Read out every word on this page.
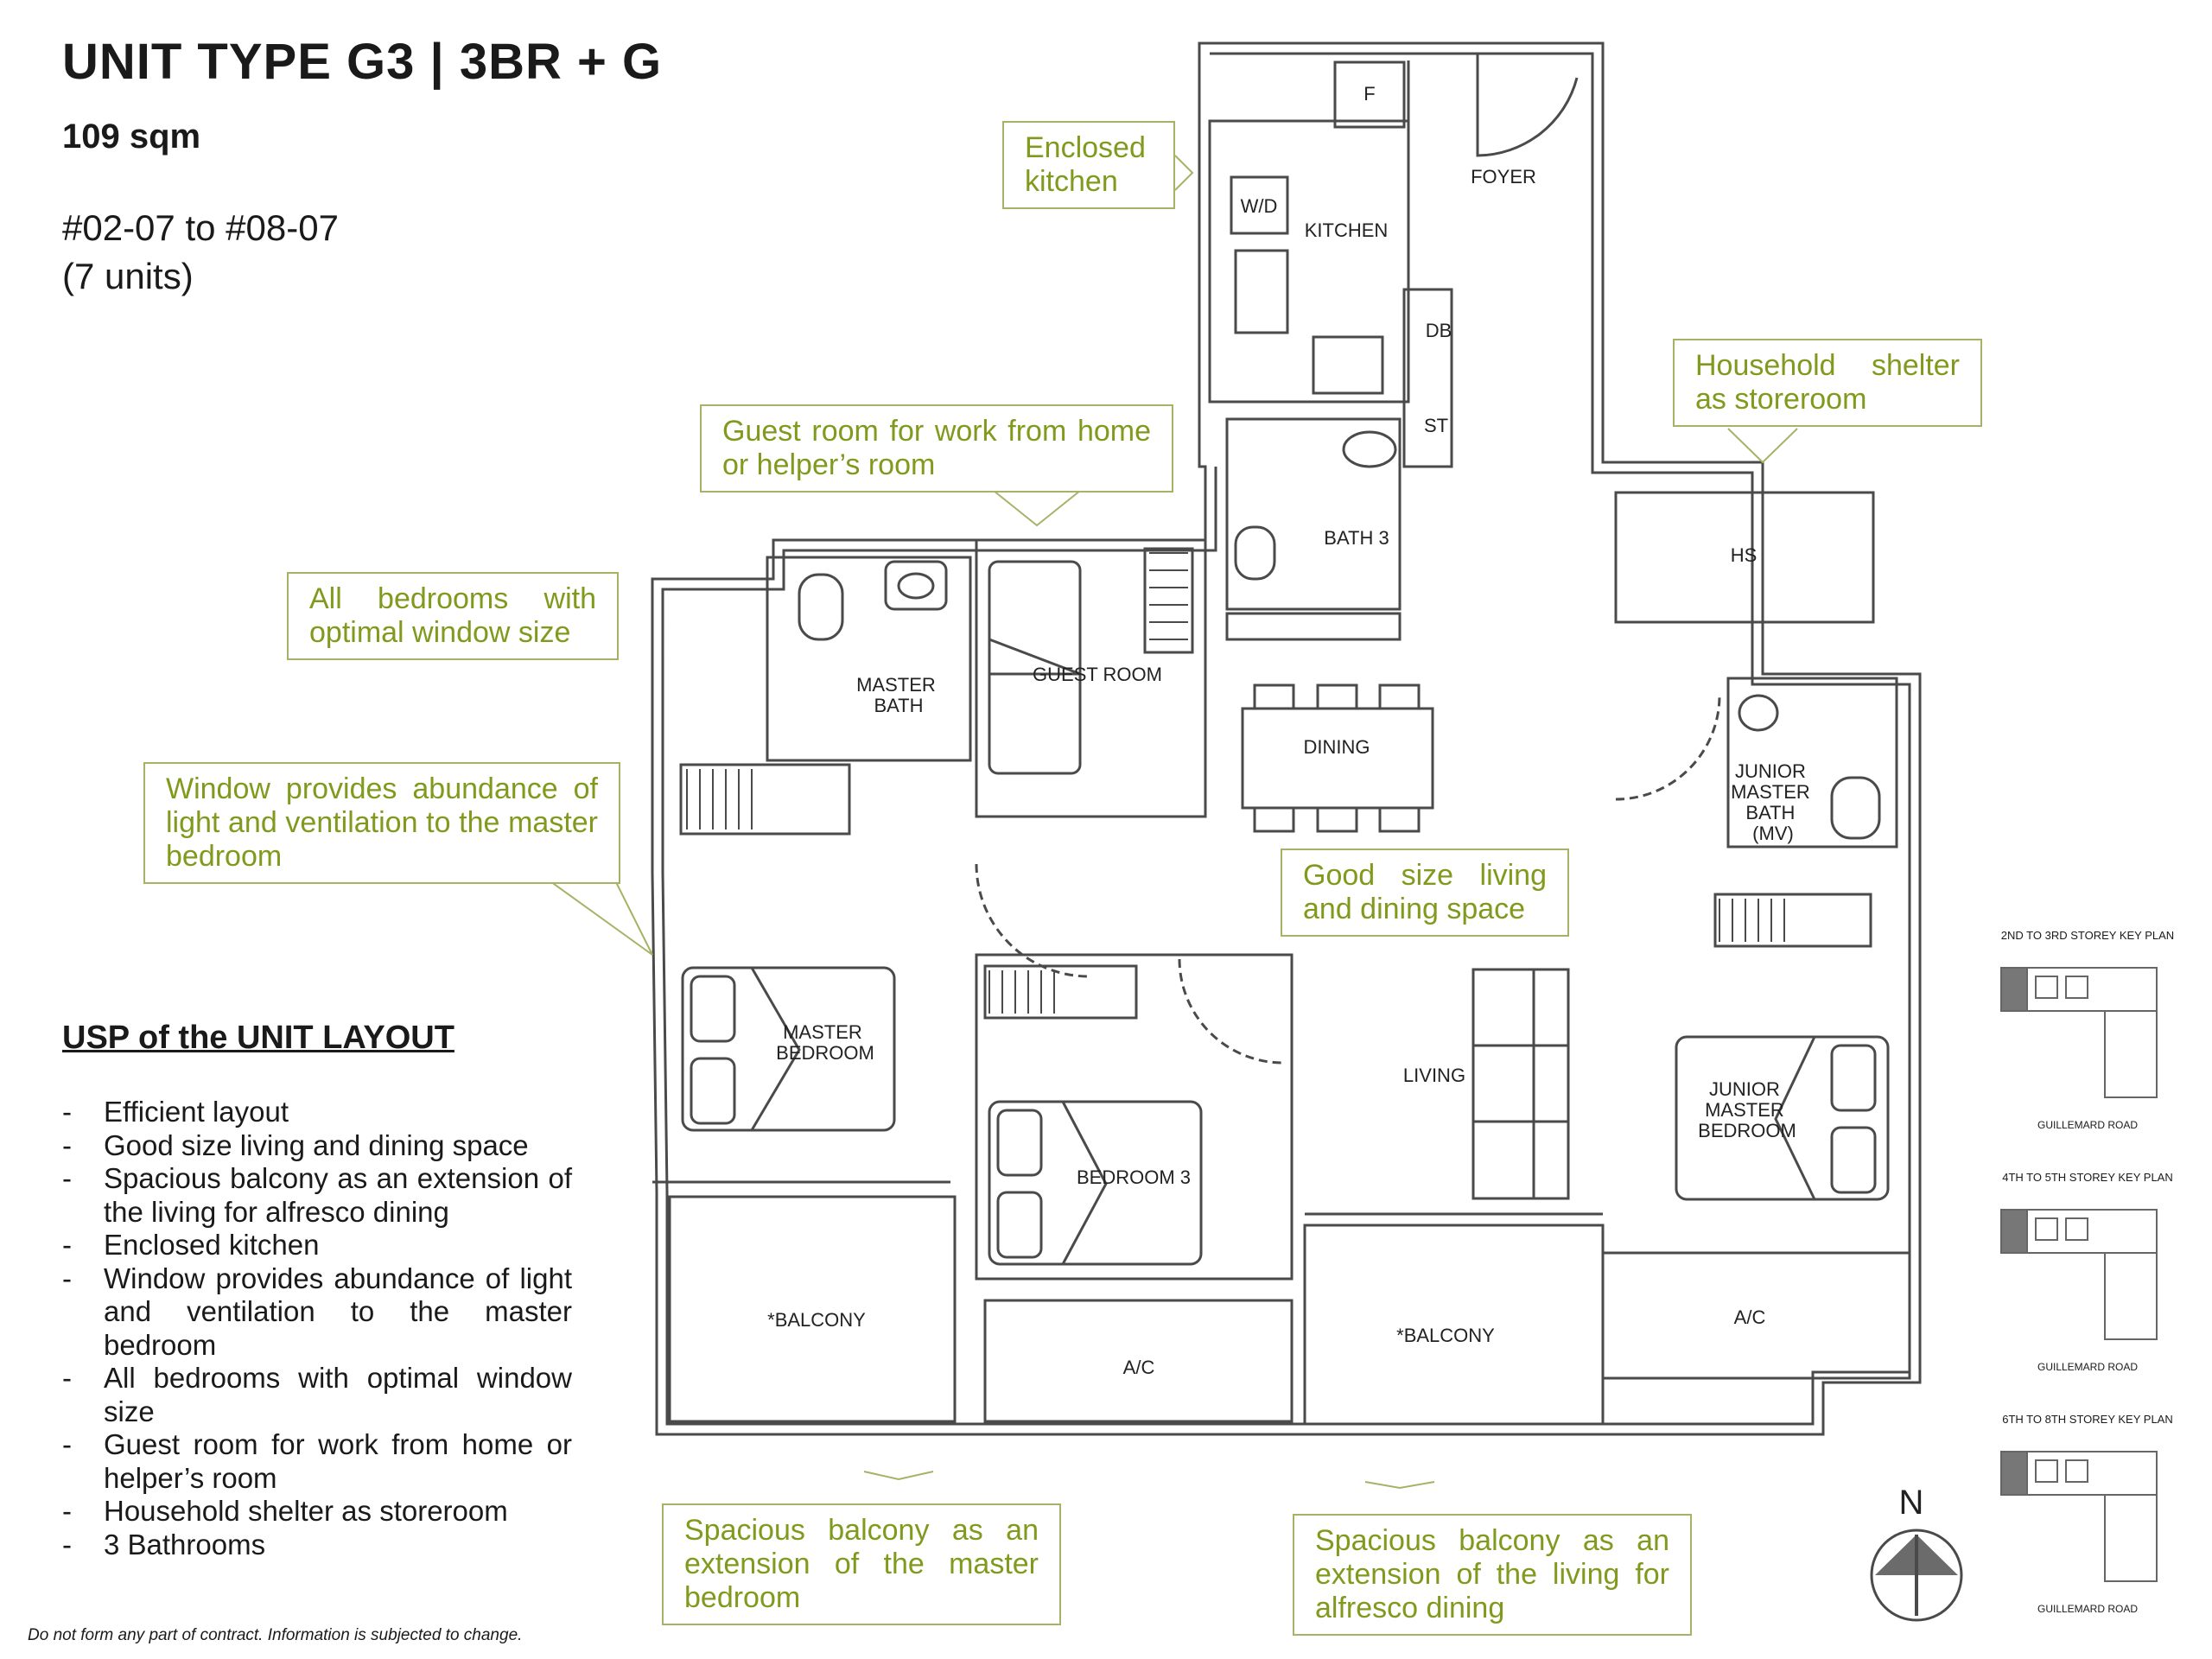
UNIT TYPE G3 | 3BR + G
109 sqm
#02-07 to #08-07
(7 units)
USP of the UNIT LAYOUT
- Efficient layout
- Good size living and dining space
- Spacious balcony as an extension of the living for alfresco dining
- Enclosed kitchen
- Window provides abundance of light and ventilation to the master bedroom
- All bedrooms with optimal window size
- Guest room for work from home or helper’s room
- Household shelter as storeroom
- 3 Bathrooms
Do not form any part of contract. Information is subjected to change.
F
FOYER
W/D
KITCHEN
DB
ST
BATH 3
HS
MASTER BATH
GUEST ROOM
DINING
JUNIOR MASTER BATH (MV)
MASTER BEDROOM
LIVING
JUNIOR MASTER BEDROOM
BEDROOM 3
*BALCONY
A/C
*BALCONY
A/C
N
Enclosed kitchen
Household shelter as storeroom
Guest room for work from home or helper’s room
All bedrooms with optimal window size
Window provides abundance of light and ventilation to the master bedroom
Good size living and dining space
Spacious balcony as an extension of the master bedroom
Spacious balcony as an extension of the living for alfresco dining
2ND TO 3RD STOREY KEY PLAN
GUILLEMARD ROAD
4TH TO 5TH STOREY KEY PLAN
GUILLEMARD ROAD
6TH TO 8TH STOREY KEY PLAN
GUILLEMARD ROAD
